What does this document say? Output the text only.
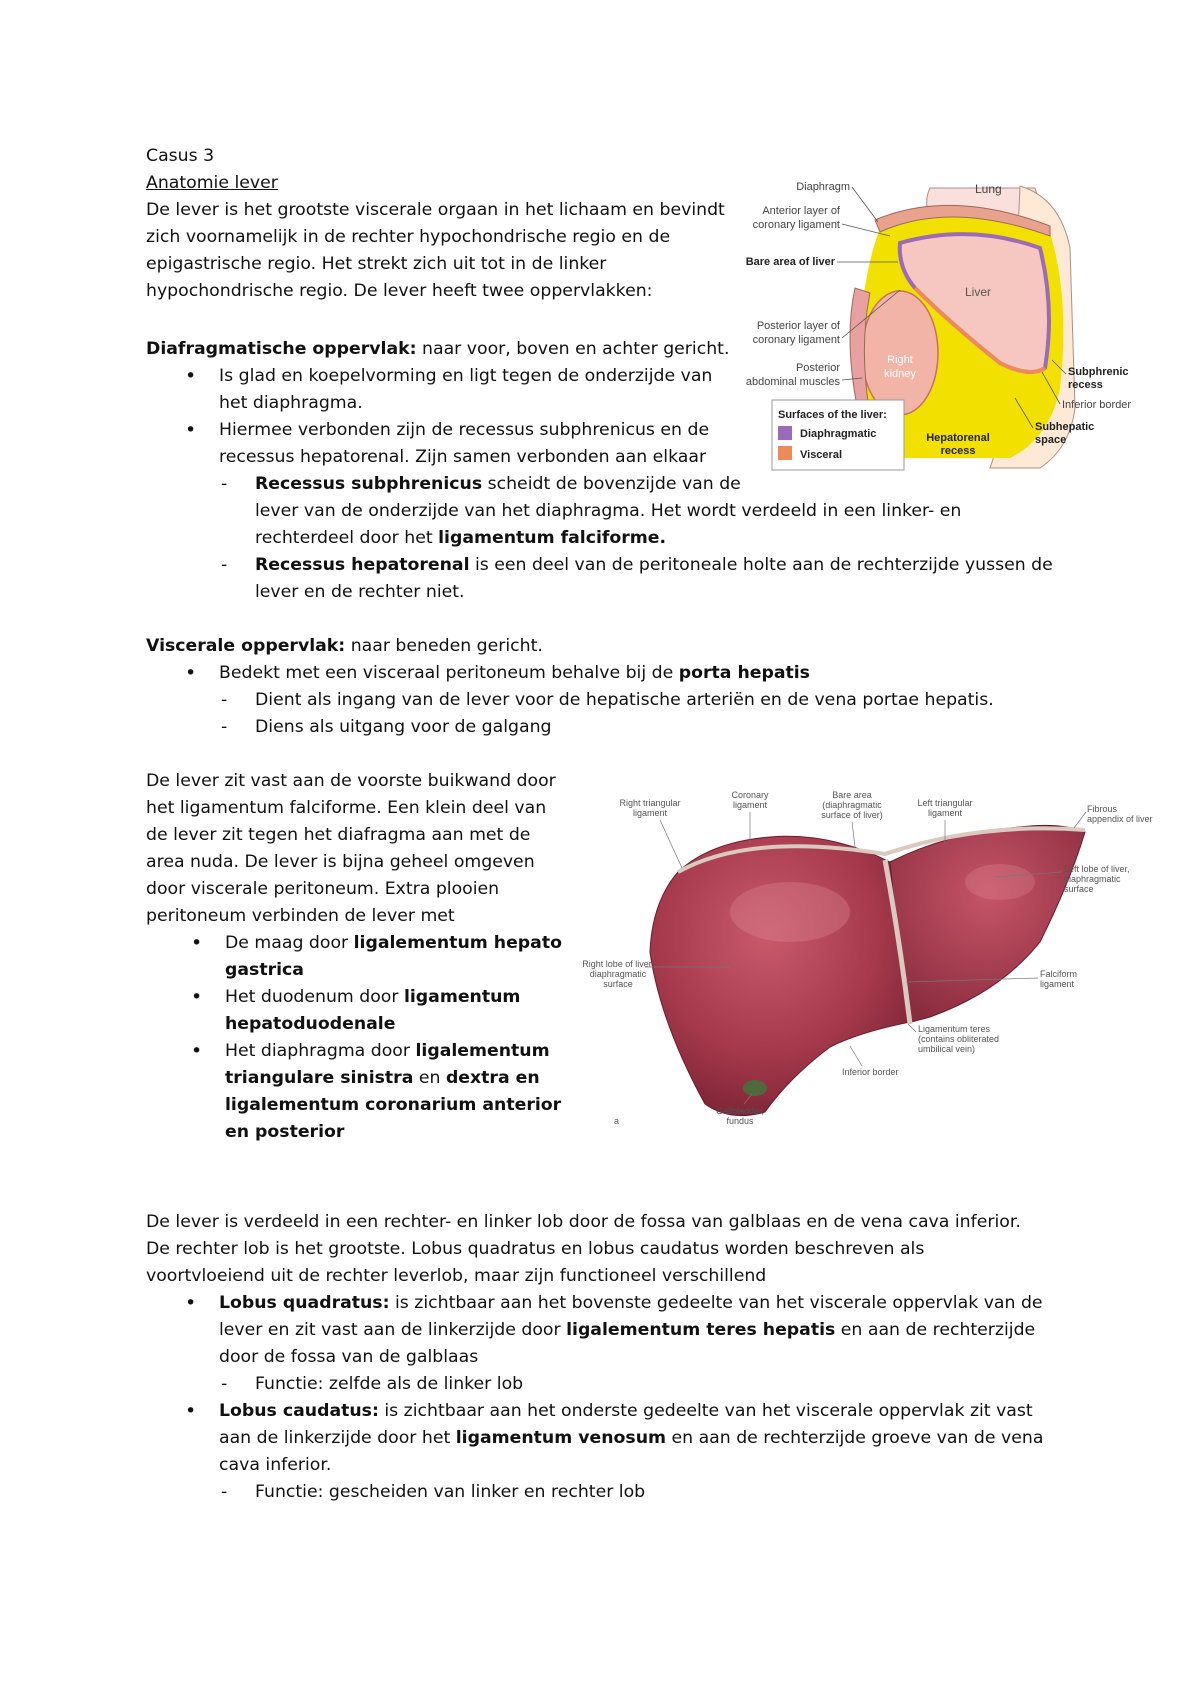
Casus 3
Anatomie lever
De lever is het grootste viscerale orgaan in het lichaam en bevindt
zich voornamelijk in de rechter hypochondrische regio en de
epigastrische regio. Het strekt zich uit tot in de linker
hypochondrische regio. De lever heeft twee oppervlakken:
Diafragmatische oppervlak: naar voor, boven en achter gericht.
• Is glad en koepelvorming en ligt tegen de onderzijde van
het diaphragma.
• Hiermee verbonden zijn de recessus subphrenicus en de
recessus hepatorenal. Zijn samen verbonden aan elkaar
- Recessus subphrenicus scheidt de bovenzijde van de
lever van de onderzijde van het diaphragma. Het wordt verdeeld in een linker- en
rechterdeel door het ligamentum falciforme.
- Recessus hepatorenal is een deel van de peritoneale holte aan de rechterzijde yussen de
lever en de rechter niet.
Viscerale oppervlak: naar beneden gericht.
• Bedekt met een visceraal peritoneum behalve bij de porta hepatis
- Dient als ingang van de lever voor de hepatische arteriën en de vena portae hepatis.
- Diens als uitgang voor de galgang
De lever zit vast aan de voorste buikwand door
het ligamentum falciforme. Een klein deel van
de lever zit tegen het diafragma aan met de
area nuda. De lever is bijna geheel omgeven
door viscerale peritoneum. Extra plooien
peritoneum verbinden de lever met
• De maag door ligalementum hepato
gastrica
• Het duodenum door ligamentum
hepatoduodenale
• Het diaphragma door ligalementum
triangulare sinistra en dextra en
ligalementum coronarium anterior
en posterior
De lever is verdeeld in een rechter- en linker lob door de fossa van galblaas en de vena cava inferior.
De rechter lob is het grootste. Lobus quadratus en lobus caudatus worden beschreven als
voortvloeiend uit de rechter leverlob, maar zijn functioneel verschillend
• Lobus quadratus: is zichtbaar aan het bovenste gedeelte van het viscerale oppervlak van de
lever en zit vast aan de linkerzijde door ligalementum teres hepatis en aan de rechterzijde
door de fossa van de galblaas
- Functie: zelfde als de linker lob
• Lobus caudatus: is zichtbaar aan het onderste gedeelte van het viscerale oppervlak zit vast
aan de linkerzijde door het ligamentum venosum en aan de rechterzijde groeve van de vena
cava inferior.
- Functie: gescheiden van linker en rechter lob
Diaphragm	Lung
Anterior layer of
coronary ligament
Bare area of liver
Liver
Posterior layer of
coronary ligament
Posterior
abdominal muscles
Right
kidney	Subphrenic
recess
Inferior border
Subhepatic
space
Hepatorenal
recess
Surfaces of the liver:
Diaphragmatic
Visceral
Right triangular
ligament
Coronary
ligament
Bare area
(diaphragmatic
surface of liver)
Left triangular
ligament	Fibrous
appendix of liver
Left lobe of liver,
diaphragmatic
surface
Right lobe of liver,
diaphragmatic
surface
Falciform
ligament
Ligamentum teres
(contains obliterated
umbilical vein)
Inferior border
Gallbladder,
fundus
a
